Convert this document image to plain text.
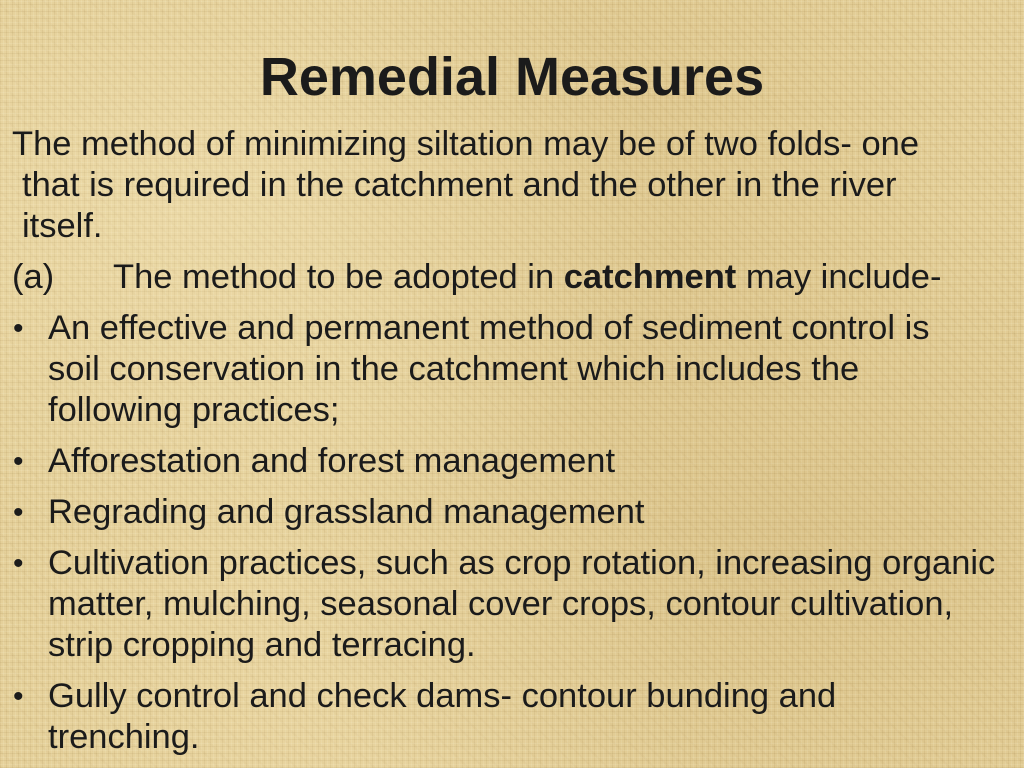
Remedial Measures
The method of minimizing siltation may be of two folds- one
that is required in the catchment and the other in the river
itself.
(a) The method to be adopted in catchment may include-
• An effective and permanent method of sediment control is
soil conservation in the catchment which includes the
following practices;
• Afforestation and forest management
• Regrading and grassland management
• Cultivation practices, such as crop rotation, increasing organic
matter, mulching, seasonal cover crops, contour cultivation,
strip cropping and terracing.
• Gully control and check dams- contour bunding and
trenching.
